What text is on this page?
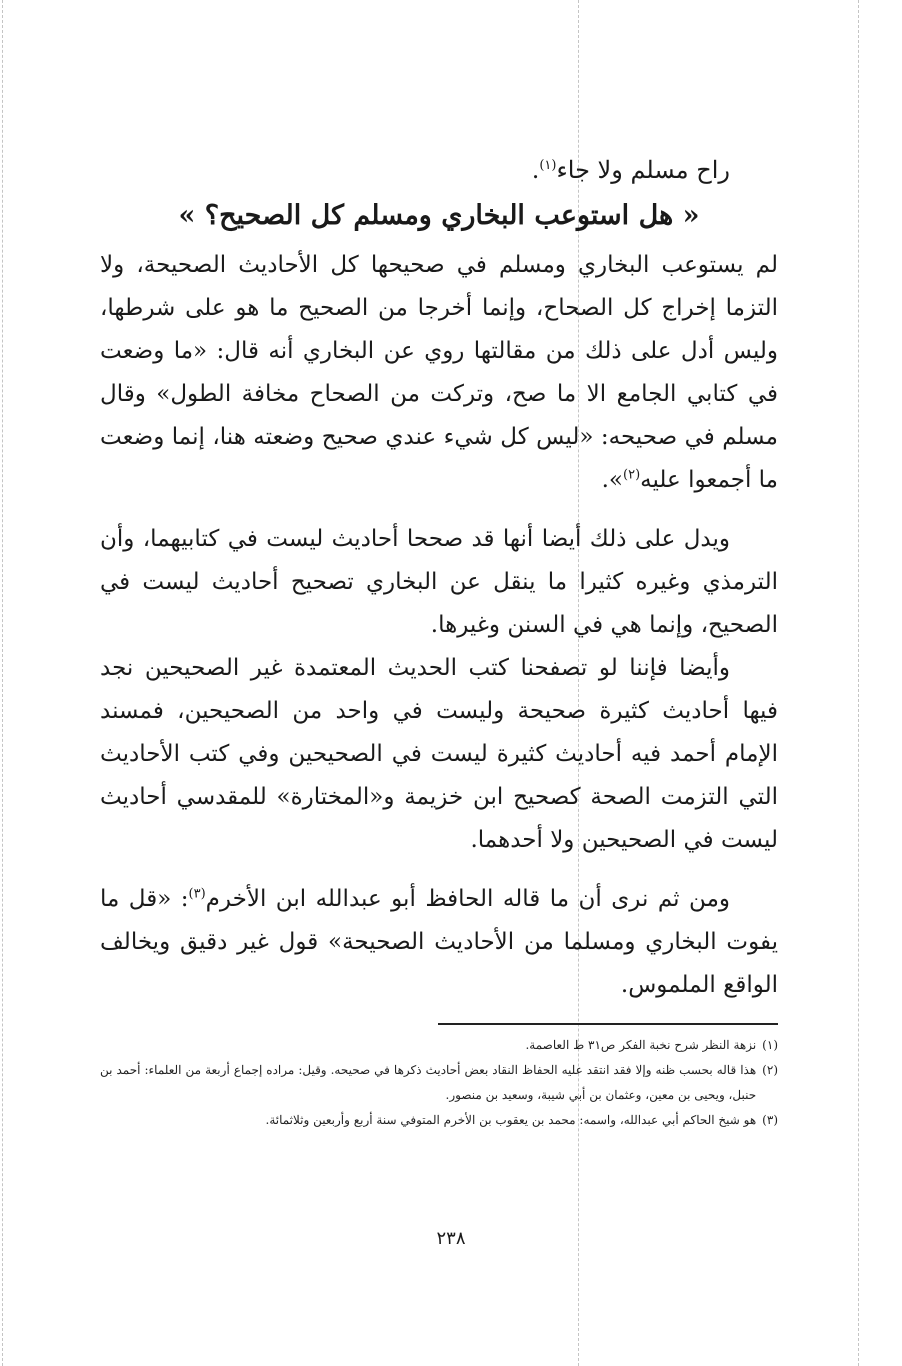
راح مسلم ولا جاء$^{(١)}$.

« هل استوعب البخاري ومسلم كل الصحيح؟ »

لم يستوعب البخاري ومسلم في صحيحها كل الأحاديث الصحيحة، ولا التزما إخراج كل الصحاح، وإنما أخرجا من الصحيح ما هو على شرطها، وليس أدل على ذلك من مقالتها روي عن البخاري أنه قال: «ما وضعت في كتابي الجامع الا ما صح، وتركت من الصحاح مخافة الطول» وقال مسلم في صحيحه: «ليس كل شيء عندي صحيح وضعته هنا، إنما وضعت ما أجمعوا عليه$^{(٢)}$».

ويدل على ذلك أيضا أنها قد صححا أحاديث ليست في كتابيهما، وأن الترمذي وغيره كثيرا ما ينقل عن البخاري تصحيح أحاديث ليست في الصحيح، وإنما هي في السنن وغيرها.

وأيضا فإننا لو تصفحنا كتب الحديث المعتمدة غير الصحيحين نجد فيها أحاديث كثيرة صحيحة وليست في واحد من الصحيحين، فمسند الإمام أحمد فيه أحاديث كثيرة ليست في الصحيحين وفي كتب الأحاديث التي التزمت الصحة كصحيح ابن خزيمة و«المختارة» للمقدسي أحاديث ليست في الصحيحين ولا أحدهما.

ومن ثم نرى أن ما قاله الحافظ أبو عبدالله ابن الأخرم$^{(٣)}$: «قل ما يفوت البخاري ومسلما من الأحاديث الصحيحة» قول غير دقيق ويخالف الواقع الملموس.

(١)
نزهة النظر شرح نخبة الفكر ص٣١ ط العاصمة.

(٢)
هذا قاله بحسب ظنه وإلا فقد انتقد عليه الحفاظ النقاد بعض أحاديث ذكرها في صحيحه. وقيل: مراده إجماع أربعة من العلماء: أحمد بن حنبل، ويحيى بن معين، وعثمان بن أبي شيبة، وسعيد بن منصور.

(٣)
هو شيخ الحاكم أبي عبدالله، واسمه: محمد بن يعقوب بن الأخرم المتوفي سنة أربع وأربعين وثلاثمائة.

٢٣٨
